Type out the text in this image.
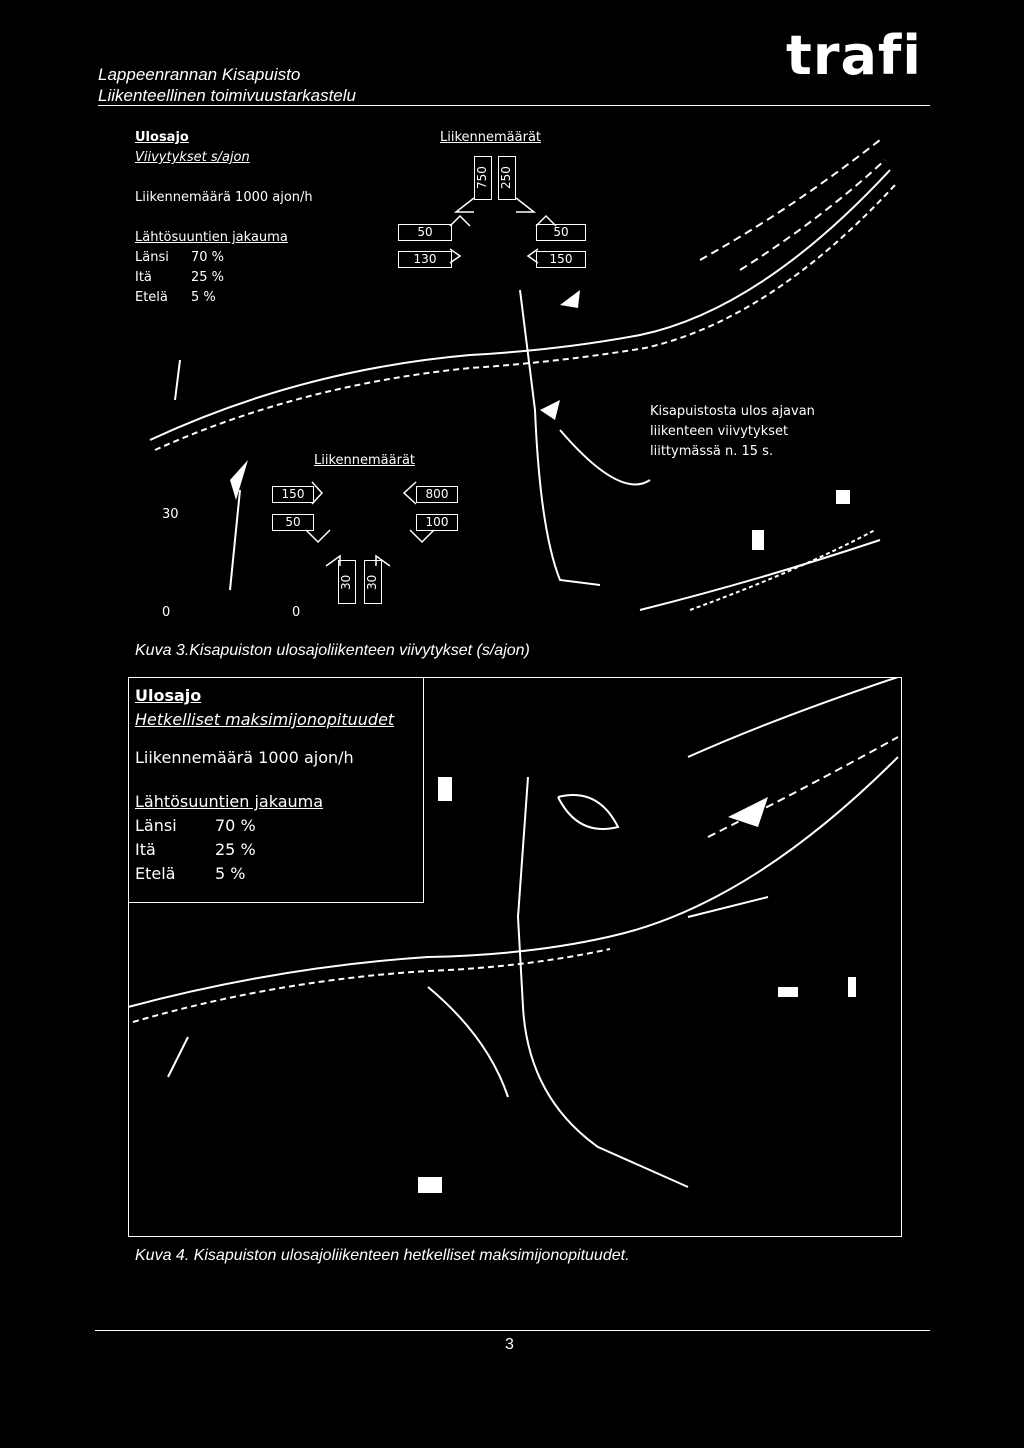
Lappeenrannan Kisapuisto
Liikenteellinen toimivuustarkastelu
trafi
Ulosajo
Viivytykset s/ajon
Liikennemäärä 1000 ajon/h
Lähtösuuntien jakauma
Länsi 70 %
Itä	25 %
Etelä 5 %
Liikennemäärät
750 250
50
130
50
150
Liikennemäärät
150
50
800
100
30 30
Kisapuistosta ulos ajavan
liikenteen viivytykset
liittymässä n. 15 s.
30
0	0
Kuva 3.Kisapuiston ulosajoliikenteen viivytykset (s/ajon)
Ulosajo
Hetkelliset maksimijonopituudet
Liikennemäärä 1000 ajon/h
Lähtösuuntien jakauma
Länsi 70 %
Itä	25 %
Etelä 5 %
Kuva 4. Kisapuiston ulosajoliikenteen hetkelliset maksimijonopituudet.
3
